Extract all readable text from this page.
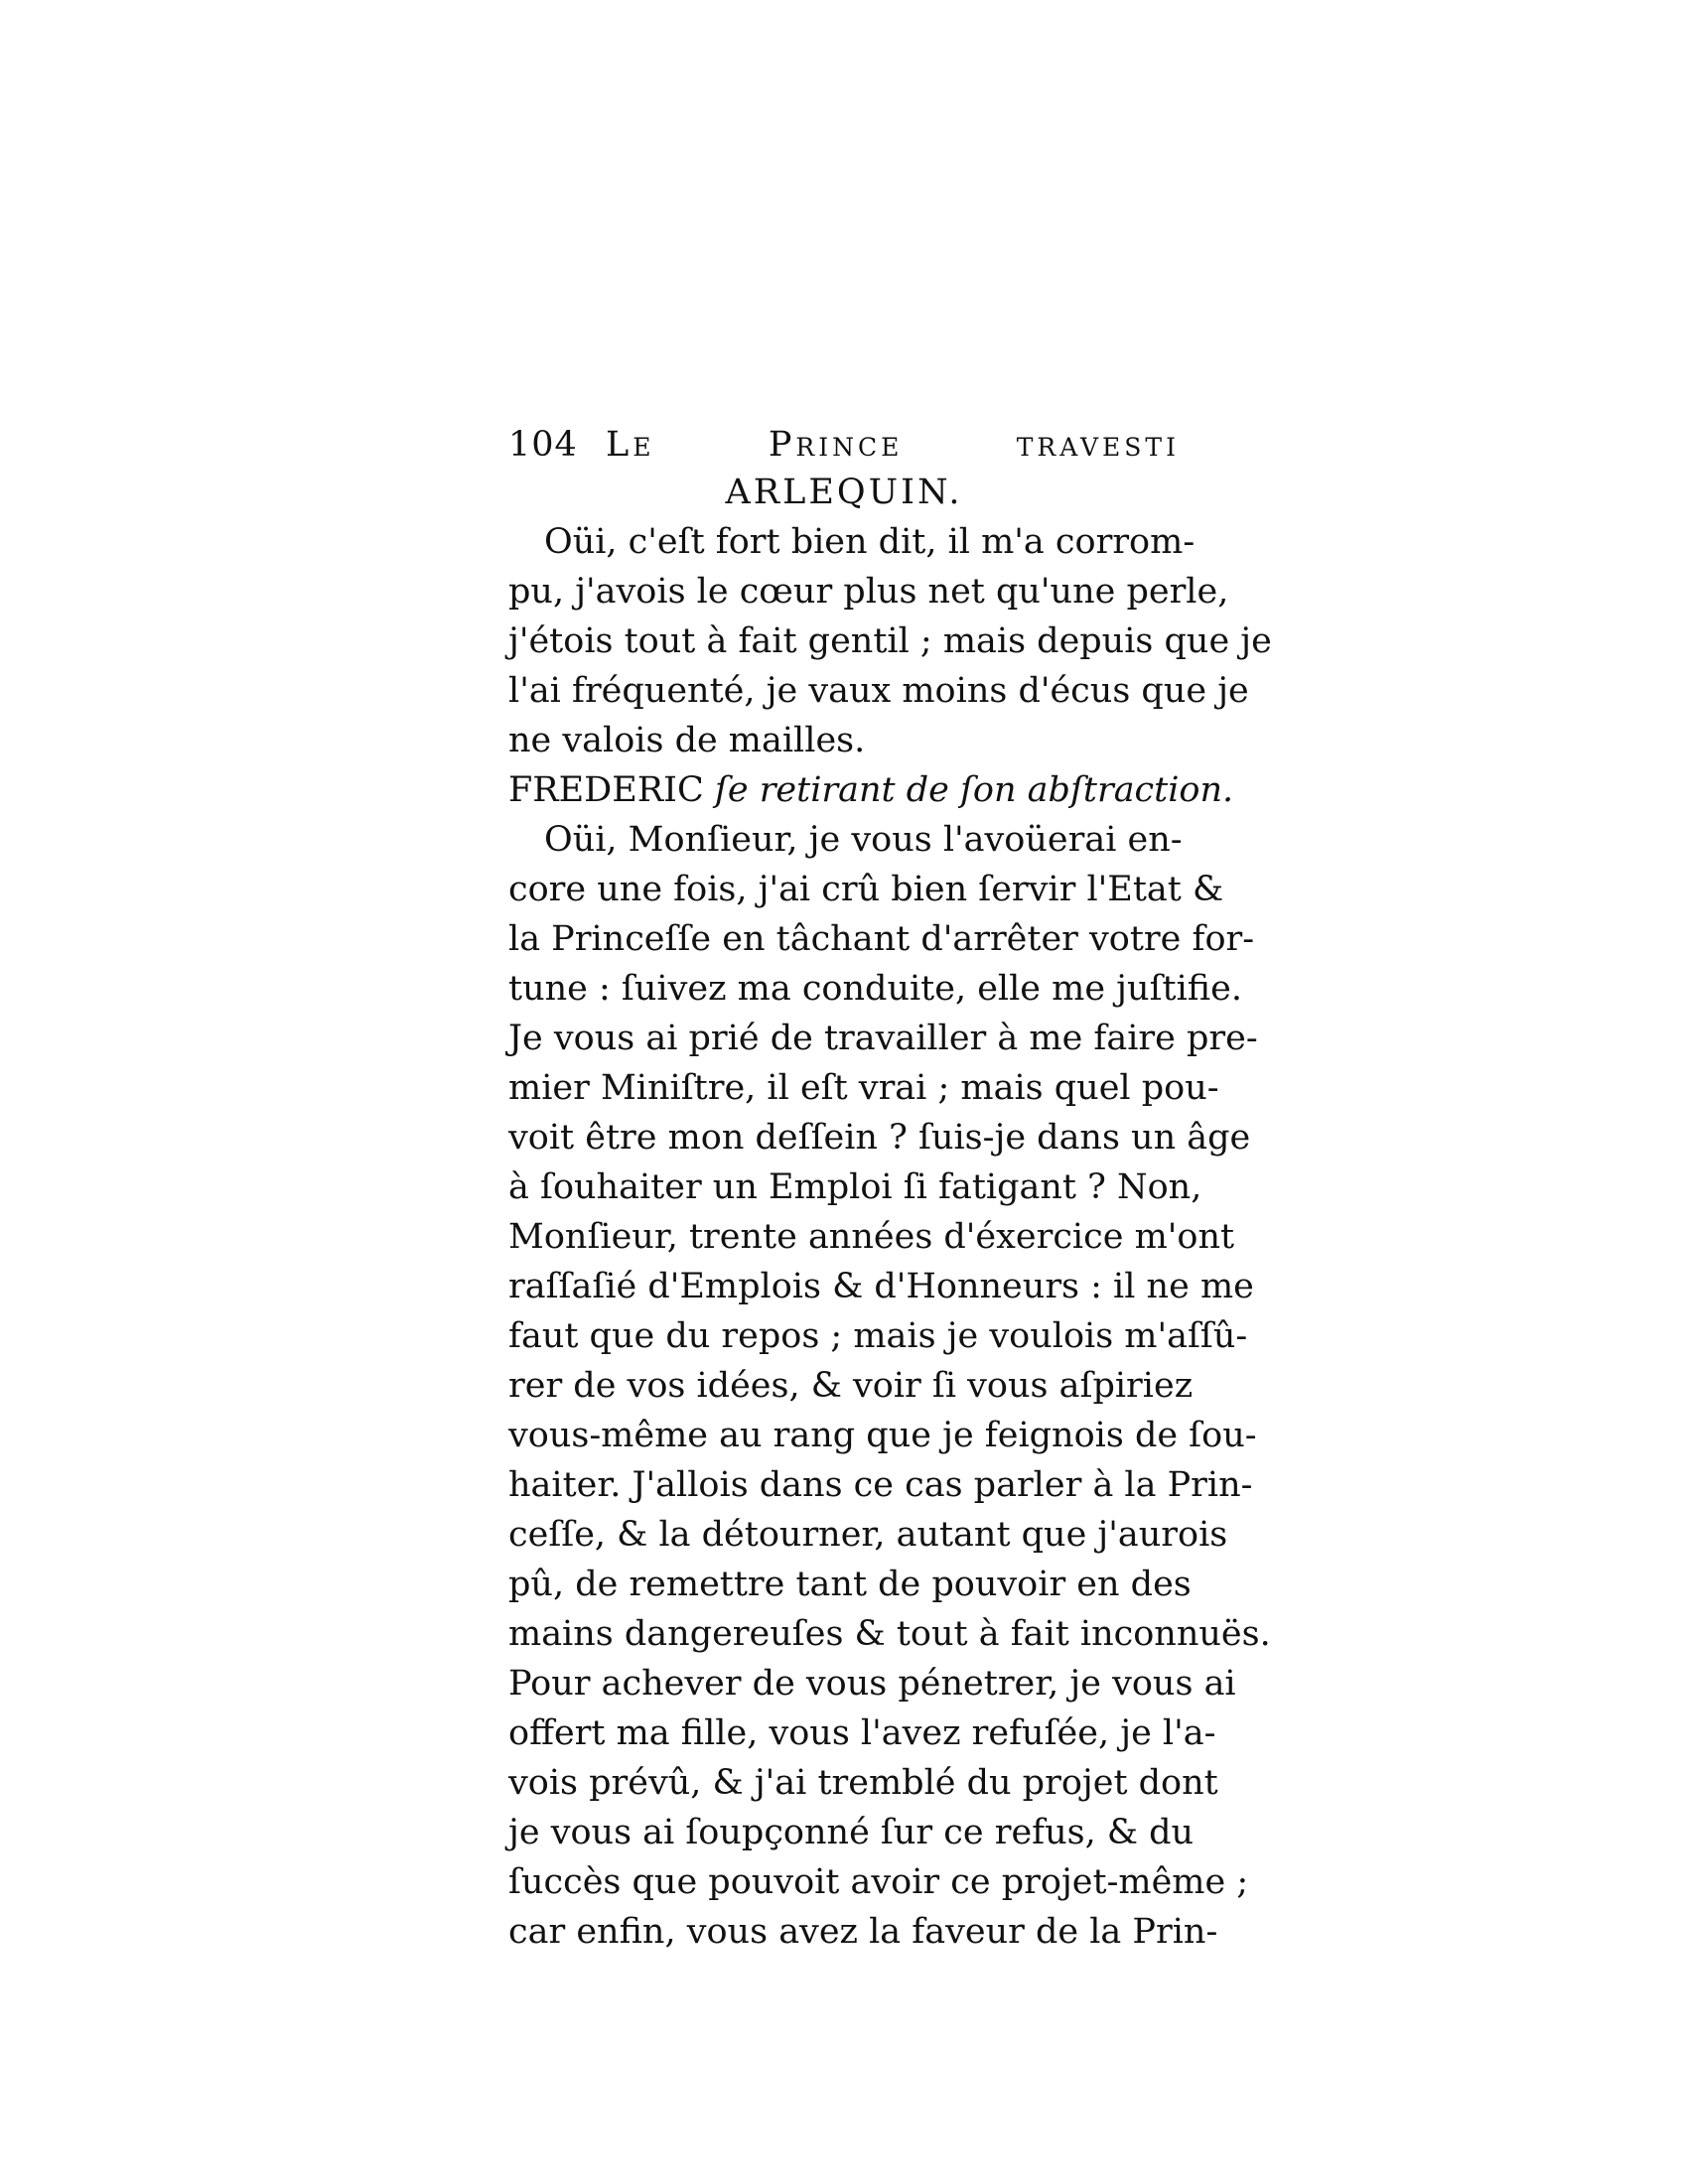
104 Le Prince travesti
ARLEQUIN.
Oüi, c'eſt fort bien dit, il m'a corrom-
pu, j'avois le cœur plus net qu'une perle,
j'étois tout à fait gentil ; mais depuis que je
l'ai fréquenté, je vaux moins d'écus que je
ne valois de mailles.
FREDERIC ſe retirant de ſon abſtraction.
Oüi, Monſieur, je vous l'avoüerai en-
core une fois, j'ai crû bien ſervir l'Etat &
la Princeſſe en tâchant d'arrêter votre for-
tune : ſuivez ma conduite, elle me juſtifie.
Je vous ai prié de travailler à me faire pre-
mier Miniſtre, il eſt vrai ; mais quel pou-
voit être mon deſſein ? ſuis-je dans un âge
à ſouhaiter un Emploi ſi fatigant ? Non,
Monſieur, trente années d'éxercice m'ont
raſſaſié d'Emplois & d'Honneurs : il ne me
faut que du repos ; mais je voulois m'aſſû-
rer de vos idées, & voir ſi vous aſpiriez
vous-même au rang que je feignois de ſou-
haiter. J'allois dans ce cas parler à la Prin-
ceſſe, & la détourner, autant que j'aurois
pû, de remettre tant de pouvoir en des
mains dangereuſes & tout à fait inconnuës.
Pour achever de vous pénetrer, je vous ai
offert ma fille, vous l'avez refuſée, je l'a-
vois prévû, & j'ai tremblé du projet dont
je vous ai ſoupçonné ſur ce refus, & du
ſuccès que pouvoit avoir ce projet-même ;
car enfin, vous avez la faveur de la Prin-
